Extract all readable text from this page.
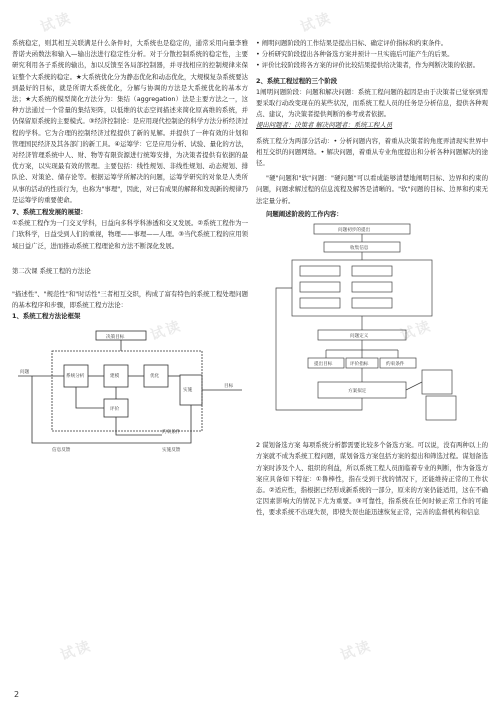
试读	试读
试读	试读
试读	试读

系统稳定，则其相互关联满足什么条件时，大系统也是稳定的，通常采用向量李雅普诺夫函数法和输入—输出法进行稳定性分析。对于分散控制系统的稳定性，主要研究利用各子系统的输出，加以反馈至各局部控制器，并寻找相应的控制规律来保证整个大系统的稳定。★大系统优化分为静态优化和动态优化，大规模复杂系统要达到最好的目标，就是所谓大系统优化，分解与协调的方法是大系统优化的基本方法；★大系统的模型简化方法分为：集结（aggregation）法是主要方法之一，这种方法通过一个常量的集结矩阵，以低维的状态空间描述来简化原高维的系统，并仍保留原系统的主要模式。③经济控制论：是应用现代控制论的科学方法分析经济过程的学科。它为合理的控制经济过程提供了新的见解。并提供了一种有效的计划和管理国民经济及其各部门的新工具。④运筹学：它是应用分析、试验、量化的方法，对经济管理系统中人、财、物等有限资源进行统筹安排，为决策者提供有依据的最优方案，以实现最有效的管理。主要包括：线性规划、非线性规划、动态规划、排队论、对策论、储存论等。根据运筹学所解决的问题，运筹学研究的对象是人类所从事的活动的性质行为，也称为"事理"，因此，对已有成果的解释和发现新的规律乃是运筹学的重要使命。

7、系统工程发展的展望：

①系统工程作为一门交叉学科，日益向多科学科渗透和交叉发展。②系统工程作为一门软科学，日益受到人们的重视，物理——事理——人理。③当代系统工程的应用领域日益广泛，进而推动系统工程理论和方法不断深化发展。

第二次课 系统工程的方法论

"描述性"、"规范性"和"时话性"三者相互交织，构成了富有特色的系统工程处理问题的基本程序和步骤，即系统工程方法论：

1、系统工程方法论框架

决策目标
系统分析	建模	优化
评价
实施
问题
目标
约束条件
信息反馈	实施反馈

• 阐明问题阶段的工作结果是提出目标、确定评价指标和约束条件。

• 分析研究阶段提出各种备选方案并预计一旦实施后可能产生的后果。

• 评价比较阶段将各方案的评价比较结果提供给决策者，作为判断决策的依据。

2、系统工程过程的三个阶段

1阐明问题阶段：问题和解决问题：系统工程问题的起因是由于决策者已觉察到需要采取行动改变现在的某些状况，而系统工程人员的任务是分析信息，提供各种观点、建议，为决策者提供判断的参考或者依据。

提出问题者：决策者 解决问题者：系统工程人员

系统工程分为两部分活动：• 分析问题内容，着重从决策者的角度弄清现实世界中相互交织的问题网络。• 解决问题，着重从专业角度提出和分析各种问题解决的途径。

"硬"问题和"软"问题："硬问题"可以看成能够清楚地阐明目标、边界和约束的问题，问题求解过程的信息流程及解答是清晰的。"软"问题的目标、边界和约束无法定量分析。

问题阐述阶段的工作内容：

问题初步的提出
收集信息
问题定义
提出目标	评价指标	约束条件
方案拟定

2 谋划备选方案 每项系统分析都需要比较多个备选方案。可以说，没有两种以上的方案就不成为系统工程问题，谋划备选方案包括方案的提出和筛选过程。谋划备选方案时涉及个人、组织的利益，所以系统工程人员面临着专业的判断，作为备选方案应具备如下特征：①鲁棒性，指在受到干扰的情况下，还能维持正常的工作状态。②适应性，指根据已经形成新系统的一部分，原来的方案仍能适用，这在不确定因素影响大的情况下尤为重要。③可靠性，指系统在任何时候正常工作的可能性，要求系统不出现失误，即使失误也能迅速恢复正常，完善的监督机构和信息

2
